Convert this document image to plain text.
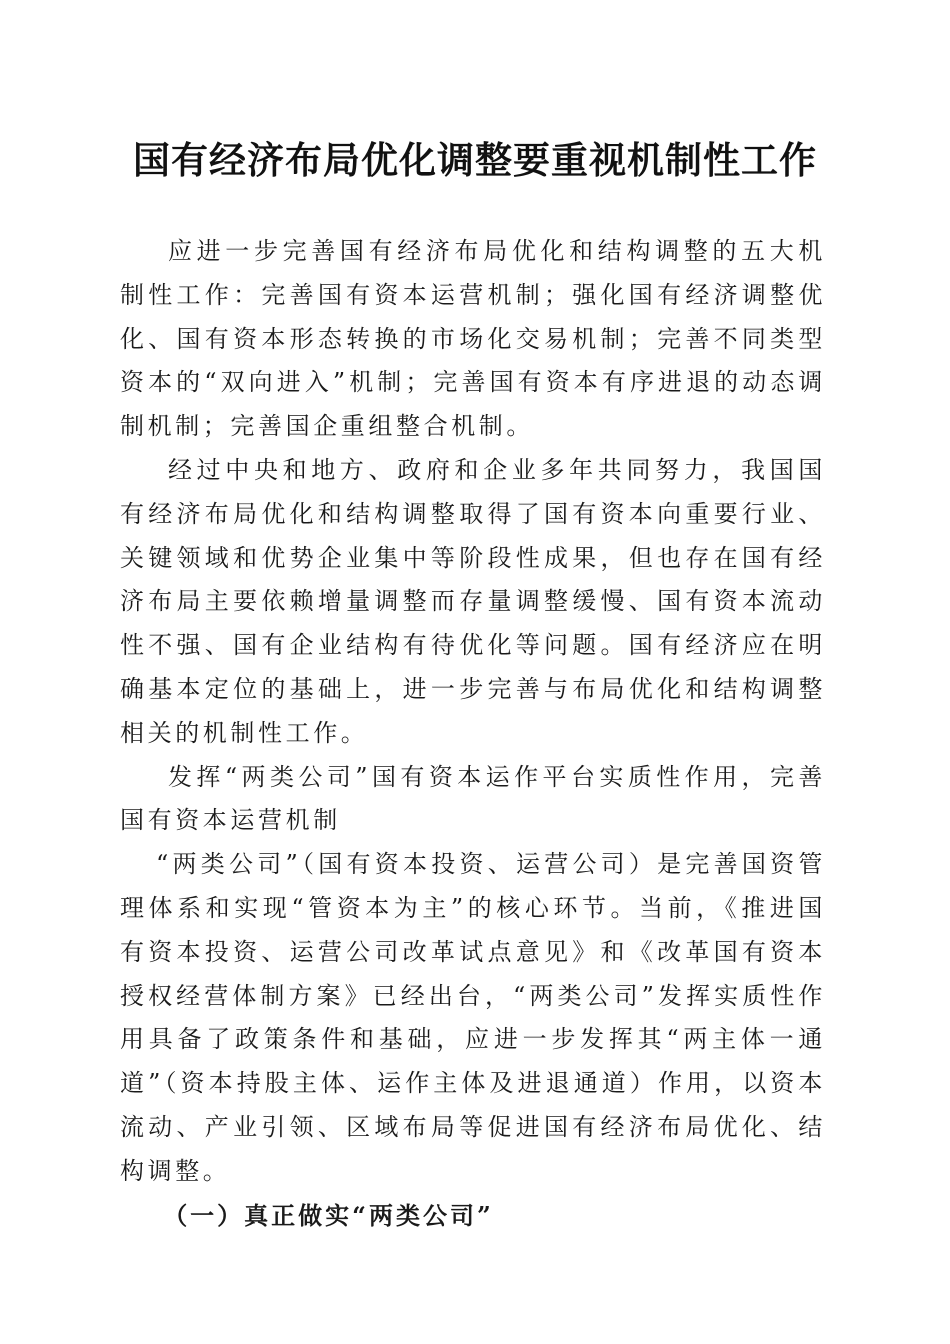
国有经济布局优化调整要重视机制性工作

应进一步完善国有经济布局优化和结构调整的五大机制性工作：完善国有资本运营机制；强化国有经济调整优化、国有资本形态转换的市场化交易机制；完善不同类型资本的“双向进入”机制；完善国有资本有序进退的动态调制机制；完善国企重组整合机制。

经过中央和地方、政府和企业多年共同努力，我国国有经济布局优化和结构调整取得了国有资本向重要行业、关键领域和优势企业集中等阶段性成果，但也存在国有经济布局主要依赖增量调整而存量调整缓慢、国有资本流动性不强、国有企业结构有待优化等问题。国有经济应在明确基本定位的基础上，进一步完善与布局优化和结构调整相关的机制性工作。

发挥“两类公司”国有资本运作平台实质性作用，完善国有资本运营机制

“两类公司”（国有资本投资、运营公司）是完善国资管理体系和实现“管资本为主”的核心环节。当前，《推进国有资本投资、运营公司改革试点意见》和《改革国有资本授权经营体制方案》已经出台，“两类公司”发挥实质性作用具备了政策条件和基础，应进一步发挥其“两主体一通道”（资本持股主体、运作主体及进退通道）作用，以资本流动、产业引领、区域布局等促进国有经济布局优化、结构调整。

（一）真正做实“两类公司”
